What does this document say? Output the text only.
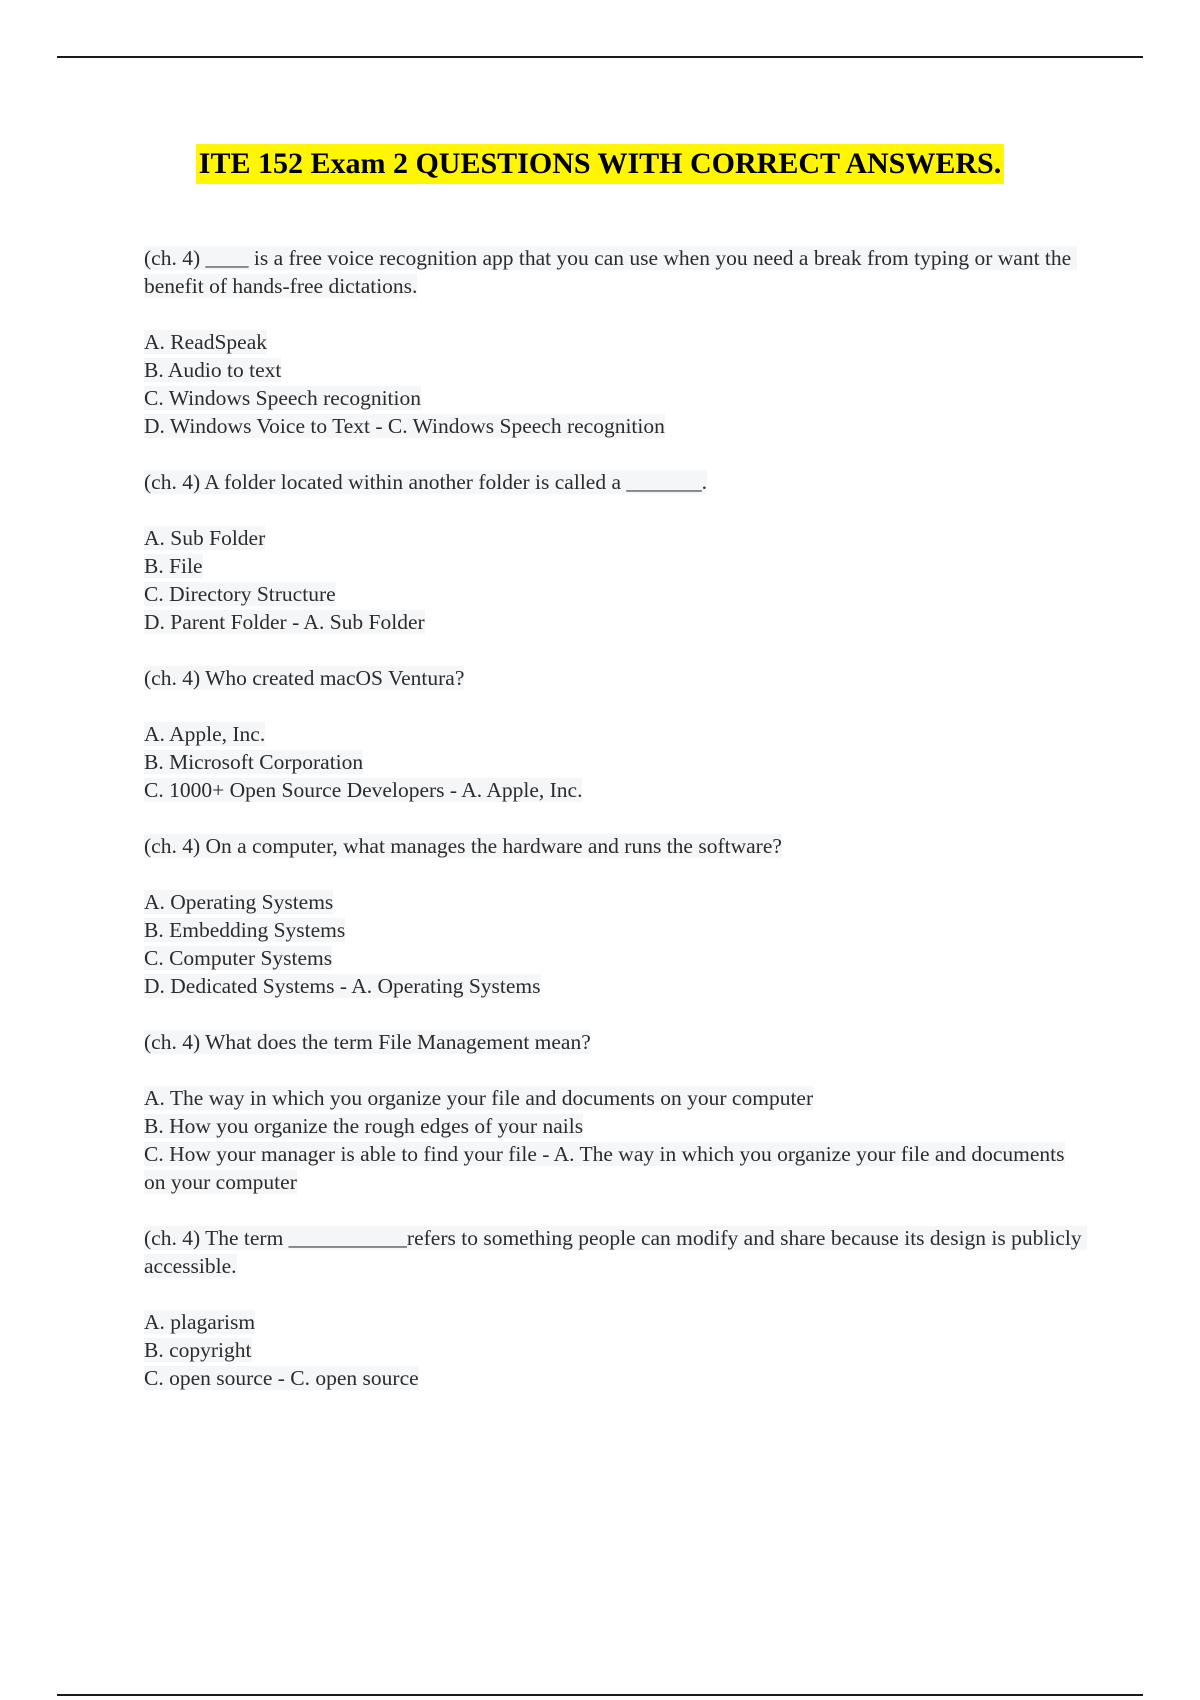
ITE 152 Exam 2 QUESTIONS WITH CORRECT ANSWERS.
(ch. 4) ____ is a free voice recognition app that you can use when you need a break from typing or want the benefit of hands-free dictations.
A. ReadSpeak
B. Audio to text
C. Windows Speech recognition
D. Windows Voice to Text - C. Windows Speech recognition
(ch. 4) A folder located within another folder is called a _______.
A. Sub Folder
B. File
C. Directory Structure
D. Parent Folder - A. Sub Folder
(ch. 4) Who created macOS Ventura?
A. Apple, Inc.
B. Microsoft Corporation
C. 1000+ Open Source Developers - A. Apple, Inc.
(ch. 4) On a computer, what manages the hardware and runs the software?
A. Operating Systems
B. Embedding Systems
C. Computer Systems
D. Dedicated Systems - A. Operating Systems
(ch. 4) What does the term File Management mean?
A. The way in which you organize your file and documents on your computer
B. How you organize the rough edges of your nails
C. How your manager is able to find your file - A. The way in which you organize your file and documents on your computer
(ch. 4) The term ___________refers to something people can modify and share because its design is publicly accessible.
A. plagarism
B. copyright
C. open source - C. open source
